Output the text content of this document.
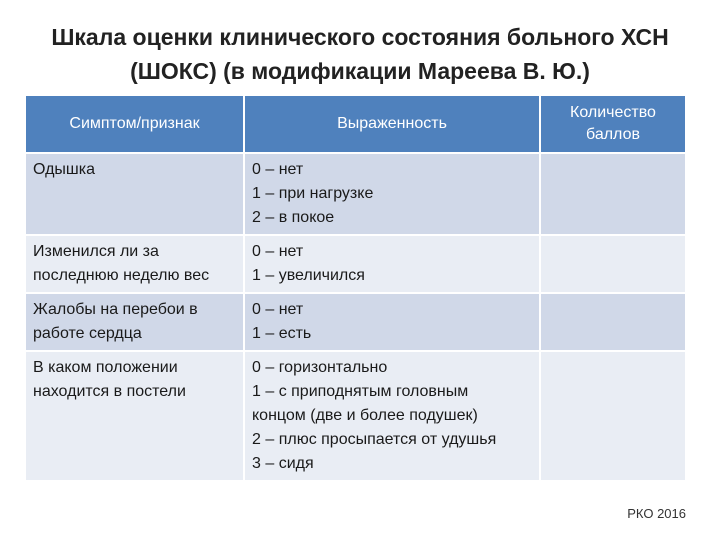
Шкала оценки клинического состояния больного ХСН
(ШОКС) (в модификации Мареева В. Ю.)
Симптом/признак	Выраженность	Количество
баллов

Одышка	0 – нет
1 – при нагрузке
2 – в покое	

Изменился ли за
последнюю неделю вес	0 – нет
1 – увеличился	

Жалобы на перебои в
работе сердца	0 – нет
1 – есть	

В каком положении
находится в постели	0 – горизонтально
1 – с приподнятым головным
концом (две и более подушек)
2 – плюс просыпается от удушья
3 – сидя	

РКО 2016
